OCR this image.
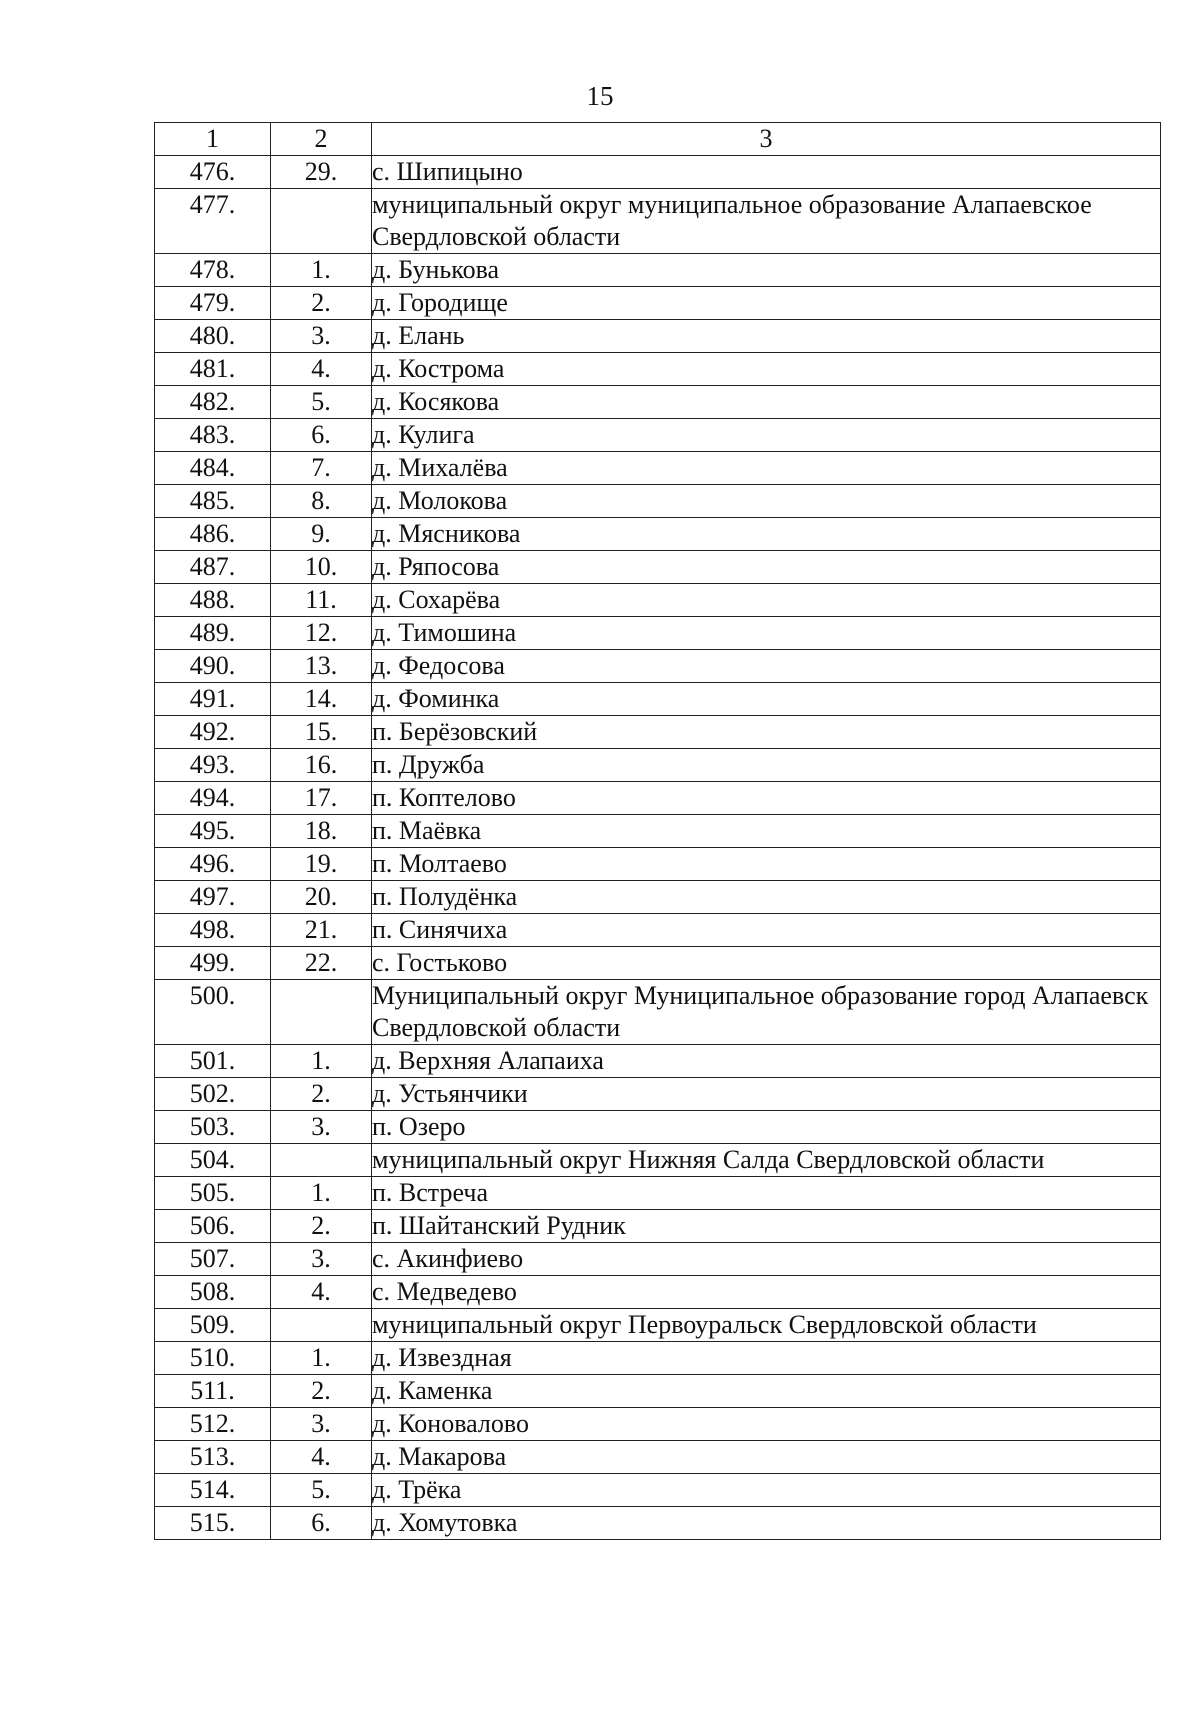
15
1	2	3
476.	29.	с. Шипицыно
477.		муниципальный округ муниципальное образование Алапаевское Свердловской области
478.	1.	д. Бунькова
479.	2.	д. Городище
480.	3.	д. Елань
481.	4.	д. Кострома
482.	5.	д. Косякова
483.	6.	д. Кулига
484.	7.	д. Михалёва
485.	8.	д. Молокова
486.	9.	д. Мясникова
487.	10.	д. Ряпосова
488.	11.	д. Сохарёва
489.	12.	д. Тимошина
490.	13.	д. Федосова
491.	14.	д. Фоминка
492.	15.	п. Берёзовский
493.	16.	п. Дружба
494.	17.	п. Коптелово
495.	18.	п. Маёвка
496.	19.	п. Молтаево
497.	20.	п. Полудёнка
498.	21.	п. Синячиха
499.	22.	с. Гостьково
500.		Муниципальный округ Муниципальное образование город Алапаевск Свердловской области
501.	1.	д. Верхняя Алапаиха
502.	2.	д. Устьянчики
503.	3.	п. Озеро
504.		муниципальный округ Нижняя Салда Свердловской области
505.	1.	п. Встреча
506.	2.	п. Шайтанский Рудник
507.	3.	с. Акинфиево
508.	4.	с. Медведево
509.		муниципальный округ Первоуральск Свердловской области
510.	1.	д. Извездная
511.	2.	д. Каменка
512.	3.	д. Коновалово
513.	4.	д. Макарова
514.	5.	д. Трёка
515.	6.	д. Хомутовка
